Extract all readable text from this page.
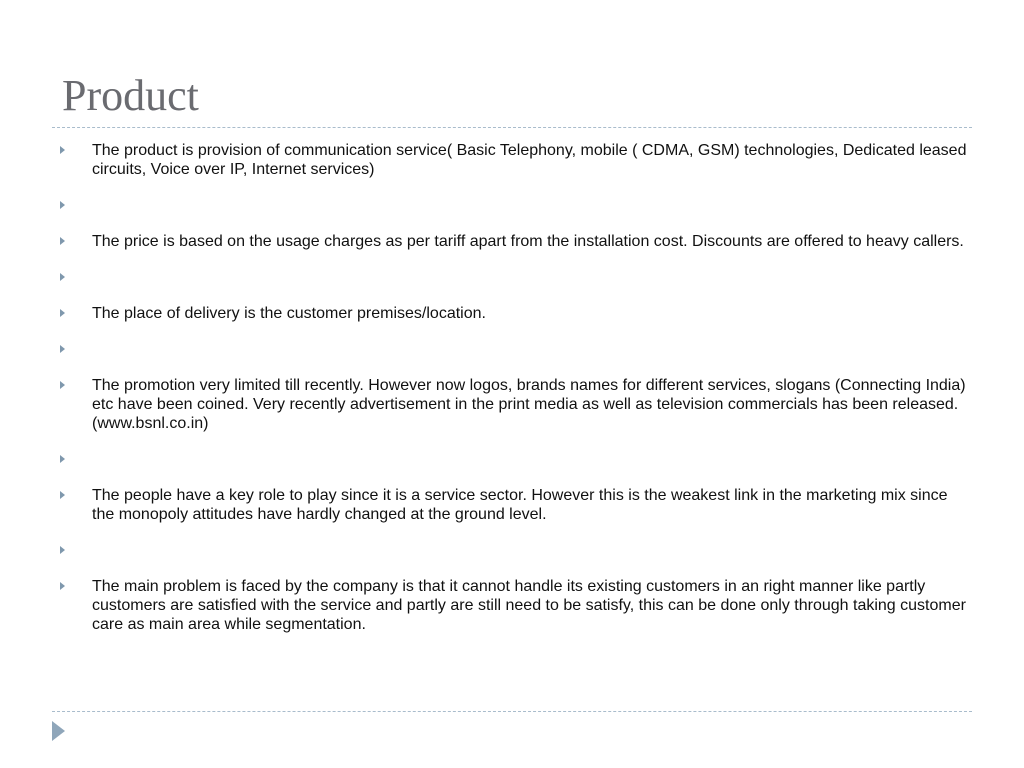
Product
The product is provision of communication service( Basic Telephony, mobile ( CDMA, GSM) technologies, Dedicated leased circuits, Voice over IP, Internet services)
The price is based on the usage charges as per tariff apart from the installation cost. Discounts are offered to heavy callers.
The place of delivery is the customer premises/location.
The promotion very limited till recently. However now logos, brands names for different services, slogans (Connecting India) etc have been coined. Very recently advertisement in the print media as well as television commercials has been released. (www.bsnl.co.in)
The people have a key role to play since it is a service sector. However this is the weakest link in the marketing mix since the monopoly attitudes have hardly changed at the ground level.
The main problem is faced by the company is that it cannot handle its existing customers in an right manner like partly customers are satisfied with the service and partly are still need to be satisfy, this can be done only through taking customer care as main area while segmentation.
